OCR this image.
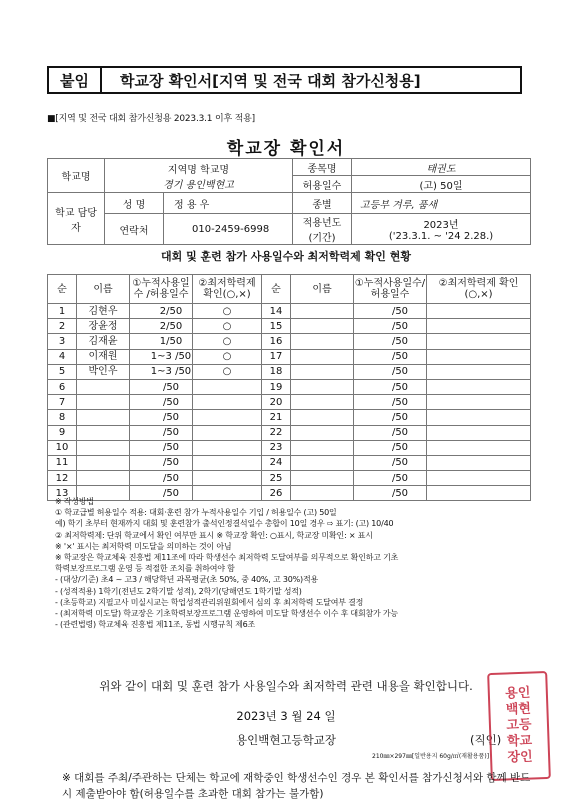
붙임	학교장 확인서[지역 및 전국 대회 참가신청용]
■[지역 및 전국 대회 참가신청용 2023.3.1 이후 적용]
학교장 확인서
학교명	지역명 학교명
경기 용인백현고		종목명	태권도
			허용일수	(고) 50일
학교 담당자	성 명	정 용 우	종별	고등부 겨루, 품새
	연락처	010-2459-6998	적용년도 (기간)	2023년
('23.3.1. ~ '24 2.28.)
대회 및 훈련 참가 사용일수와 최저학력제 확인 현황
순	이름	①누적사용일수 /허용일수	②최저학력제 확인(○,×)	순	이름	①누적사용일수/ 허용일수	②최저학력제 확인(○,×)
1	김현우	2/50	○	14		/50	
2	장윤정	2/50	○	15		/50	
3	김재윤	1/50	○	16		/50	
4	이재원	1~3 /50	○	17		/50	
5	박인우	1~3 /50	○	18		/50	
6		/50		19		/50	
7		/50		20		/50	
8		/50		21		/50	
9		/50		22		/50	
10		/50		23		/50	
11		/50		24		/50	
12		/50		25		/50	
13		/50		26		/50	
※ 작성방법
① 학교급별 허용일수 적용: 대회·훈련 참가 누적사용일수 기입 / 허용일수 (고) 50일
예) 학기 초부터 현재까지 대회 및 훈련참가 출석인정결석일수 총합이 10일 경우 ⇨ 표기: (고) 10/40
② 최저학력제: 단위 학교에서 확인 여부만 표시 ※ 학교장 확인: ○표시, 학교장 미확인: × 표시
※ '×' 표시는 최저학력 미도달을 의미하는 것이 아님
※ 학교장은 학교체육 진흥법 제11조에 따라 학생선수 최저학력 도달여부를 의무적으로 확인하고 기초
학력보장프로그램 운영 등 적절한 조치를 취하여야 함
- (대상/기준) 초4 ~ 고3 / 해당학년 과목평균(초 50%, 중 40%, 고 30%)적용
- (성적적용) 1학기(전년도 2학기말 성적), 2학기(당해연도 1학기말 성적)
- (초등학교) 지필고사 미실시교는 학업성적관리위원회에서 심의 후 최저학력 도달여부 결정
- (최저학력 미도달) 학교장은 기초학력보장프로그램 운영하여 미도달 학생선수 이수 후 대회참가 가능
- (관련법령) 학교체육 진흥법 제11조, 동법 시행규칙 제6조
위와 같이 대회 및 훈련 참가 사용일수와 최저학력 관련 내용을 확인합니다.
2023년 3 월 24 일
용인백현고등학교장	(직인)
용인
백현
고등
학교
장인
210㎜×297㎜[일반용지 60g/㎡(재활용품)]
※ 대회를 주최/주관하는 단체는 학교에 재학중인 학생선수인 경우 본 확인서를 참가신청서와 함께 반드시 제출받아야 함(허용일수를 초과한 대회 참가는 불가함)
